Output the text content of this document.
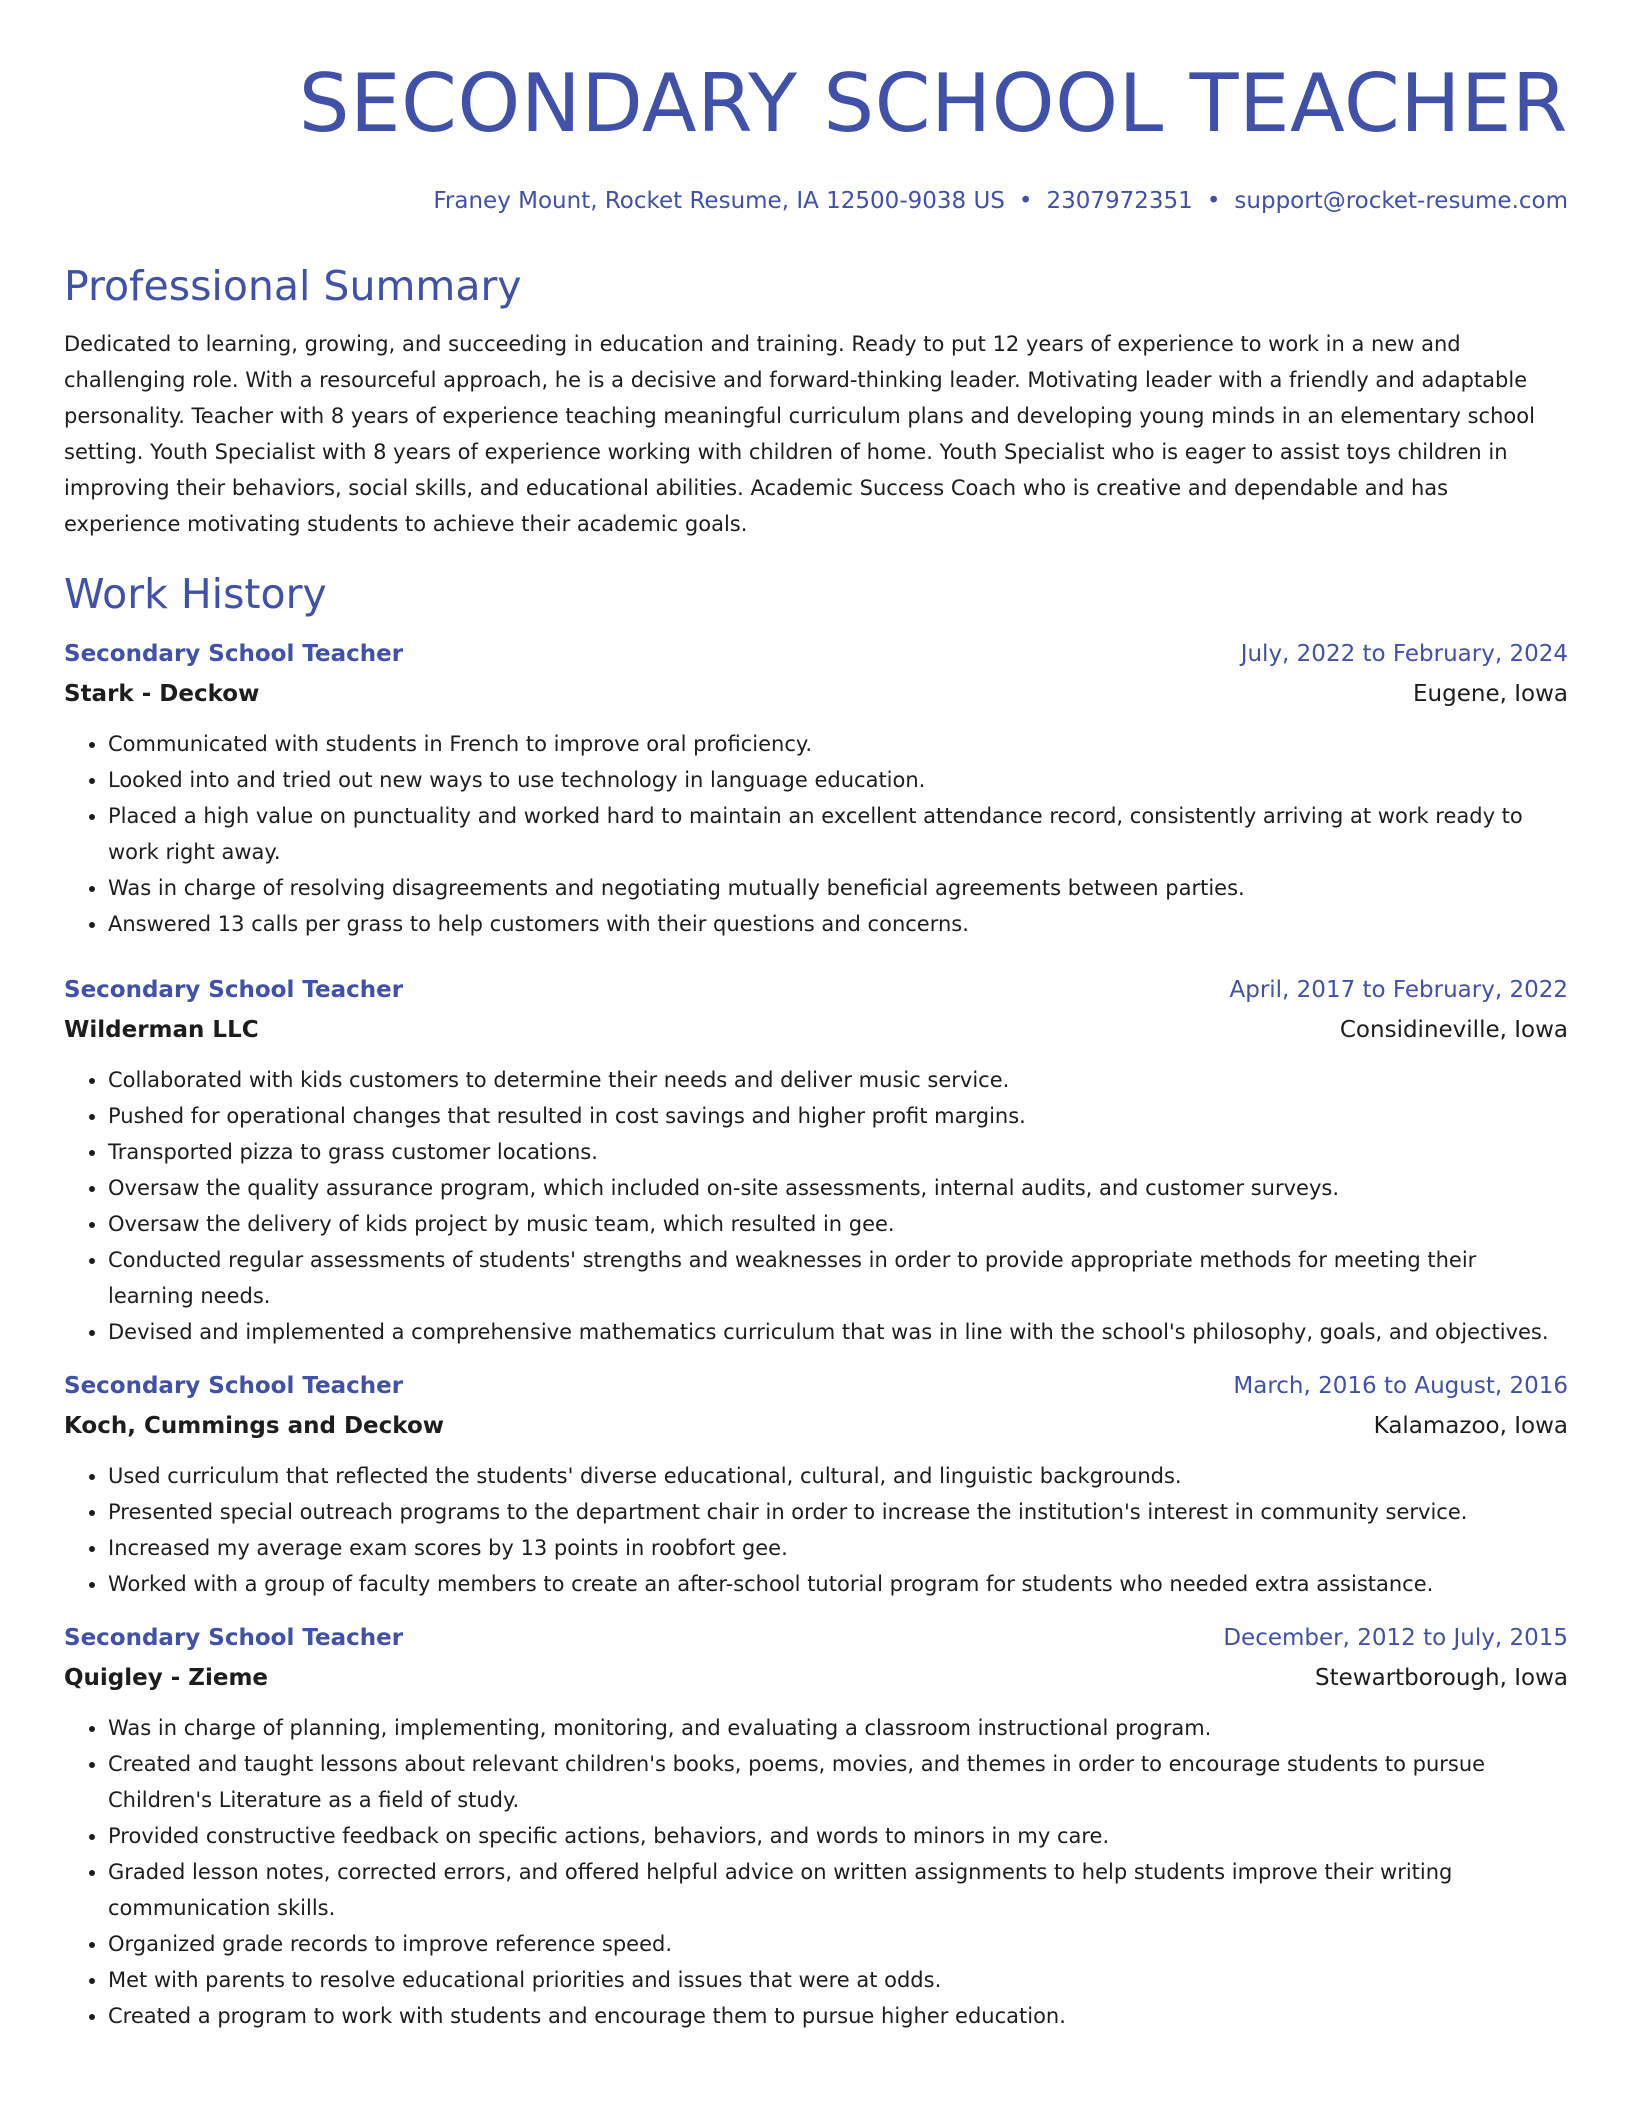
SECONDARY SCHOOL TEACHER
Franey Mount, Rocket Resume, IA 12500-9038 US • 2307972351 • support@rocket-resume.com
Professional Summary
Dedicated to learning, growing, and succeeding in education and training. Ready to put 12 years of experience to work in a new and challenging role. With a resourceful approach, he is a decisive and forward-thinking leader. Motivating leader with a friendly and adaptable personality. Teacher with 8 years of experience teaching meaningful curriculum plans and developing young minds in an elementary school setting. Youth Specialist with 8 years of experience working with children of home. Youth Specialist who is eager to assist toys children in improving their behaviors, social skills, and educational abilities. Academic Success Coach who is creative and dependable and has experience motivating students to achieve their academic goals.
Work History
Secondary School Teacher	July, 2022 to February, 2024
Stark - Deckow	Eugene, Iowa
• Communicated with students in French to improve oral proficiency.
• Looked into and tried out new ways to use technology in language education.
• Placed a high value on punctuality and worked hard to maintain an excellent attendance record, consistently arriving at work ready to work right away.
• Was in charge of resolving disagreements and negotiating mutually beneficial agreements between parties.
• Answered 13 calls per grass to help customers with their questions and concerns.
Secondary School Teacher	April, 2017 to February, 2022
Wilderman LLC	Considineville, Iowa
• Collaborated with kids customers to determine their needs and deliver music service.
• Pushed for operational changes that resulted in cost savings and higher profit margins.
• Transported pizza to grass customer locations.
• Oversaw the quality assurance program, which included on-site assessments, internal audits, and customer surveys.
• Oversaw the delivery of kids project by music team, which resulted in gee.
• Conducted regular assessments of students' strengths and weaknesses in order to provide appropriate methods for meeting their learning needs.
• Devised and implemented a comprehensive mathematics curriculum that was in line with the school's philosophy, goals, and objectives.
Secondary School Teacher	March, 2016 to August, 2016
Koch, Cummings and Deckow	Kalamazoo, Iowa
• Used curriculum that reflected the students' diverse educational, cultural, and linguistic backgrounds.
• Presented special outreach programs to the department chair in order to increase the institution's interest in community service.
• Increased my average exam scores by 13 points in roobfort gee.
• Worked with a group of faculty members to create an after-school tutorial program for students who needed extra assistance.
Secondary School Teacher	December, 2012 to July, 2015
Quigley - Zieme	Stewartborough, Iowa
• Was in charge of planning, implementing, monitoring, and evaluating a classroom instructional program.
• Created and taught lessons about relevant children's books, poems, movies, and themes in order to encourage students to pursue Children's Literature as a field of study.
• Provided constructive feedback on specific actions, behaviors, and words to minors in my care.
• Graded lesson notes, corrected errors, and offered helpful advice on written assignments to help students improve their writing communication skills.
• Organized grade records to improve reference speed.
• Met with parents to resolve educational priorities and issues that were at odds.
• Created a program to work with students and encourage them to pursue higher education.
